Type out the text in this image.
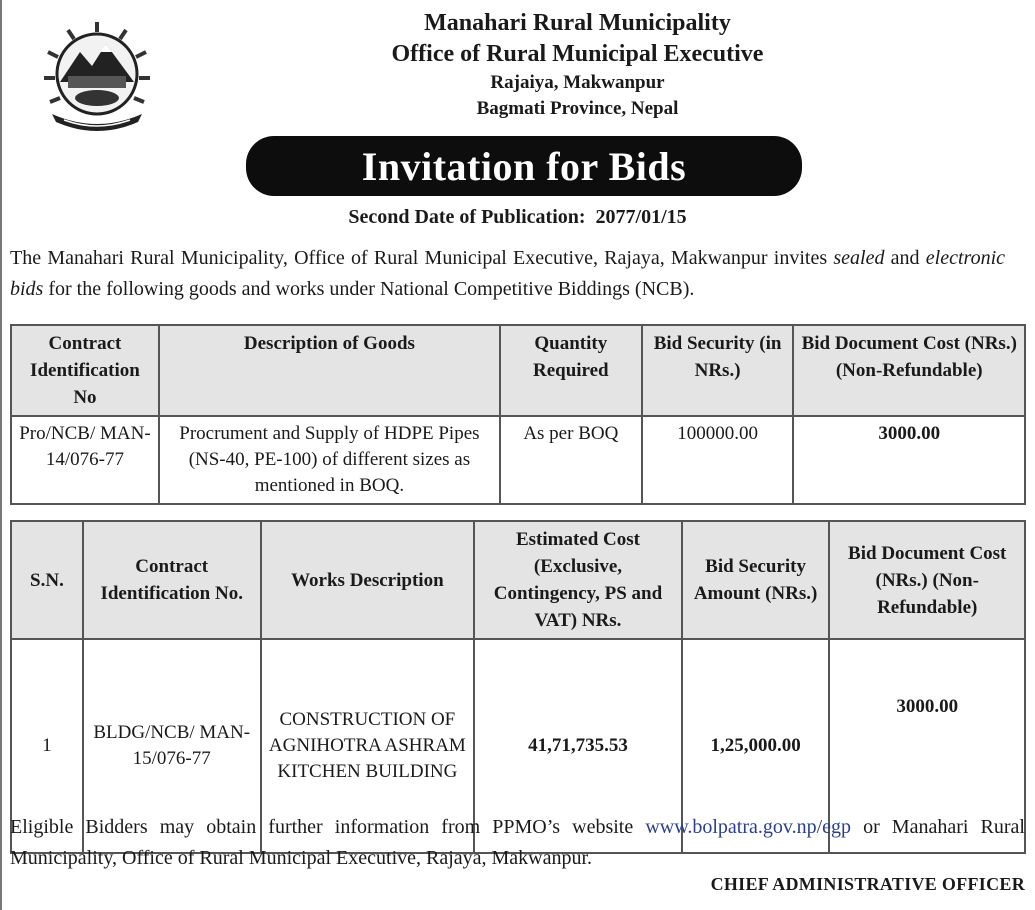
Manahari Rural Municipality
Office of Rural Municipal Executive
Rajaiya, Makwanpur
Bagmati Province, Nepal
Invitation for Bids
Second Date of Publication: 2077/01/15
The Manahari Rural Municipality, Office of Rural Municipal Executive, Rajaya, Makwanpur invites sealed and electronic bids for the following goods and works under National Competitive Biddings (NCB).
Contract Identification No	Description of Goods	Quantity Required	Bid Security (in NRs.)	Bid Document Cost (NRs.) (Non-Refundable)
Pro/NCB/ MAN- 14/076-77	Procrument and Supply of HDPE Pipes (NS-40, PE-100) of different sizes as mentioned in BOQ.	As per BOQ	100000.00	3000.00
S.N.	Contract Identification No.	Works Description	Estimated Cost (Exclusive, Contingency, PS and VAT) NRs.	Bid Security Amount (NRs.)	Bid Document Cost (NRs.) (Non-Refundable)
1	BLDG/NCB/ MAN-15/076-77	CONSTRUCTION OF AGNIHOTRA ASHRAM KITCHEN BUILDING	41,71,735.53	1,25,000.00	3000.00
Eligible Bidders may obtain further information from PPMO’s website www.bolpatra.gov.np/egp or Manahari Rural Municipality, Office of Rural Municipal Executive, Rajaya, Makwanpur.
CHIEF ADMINISTRATIVE OFFICER
